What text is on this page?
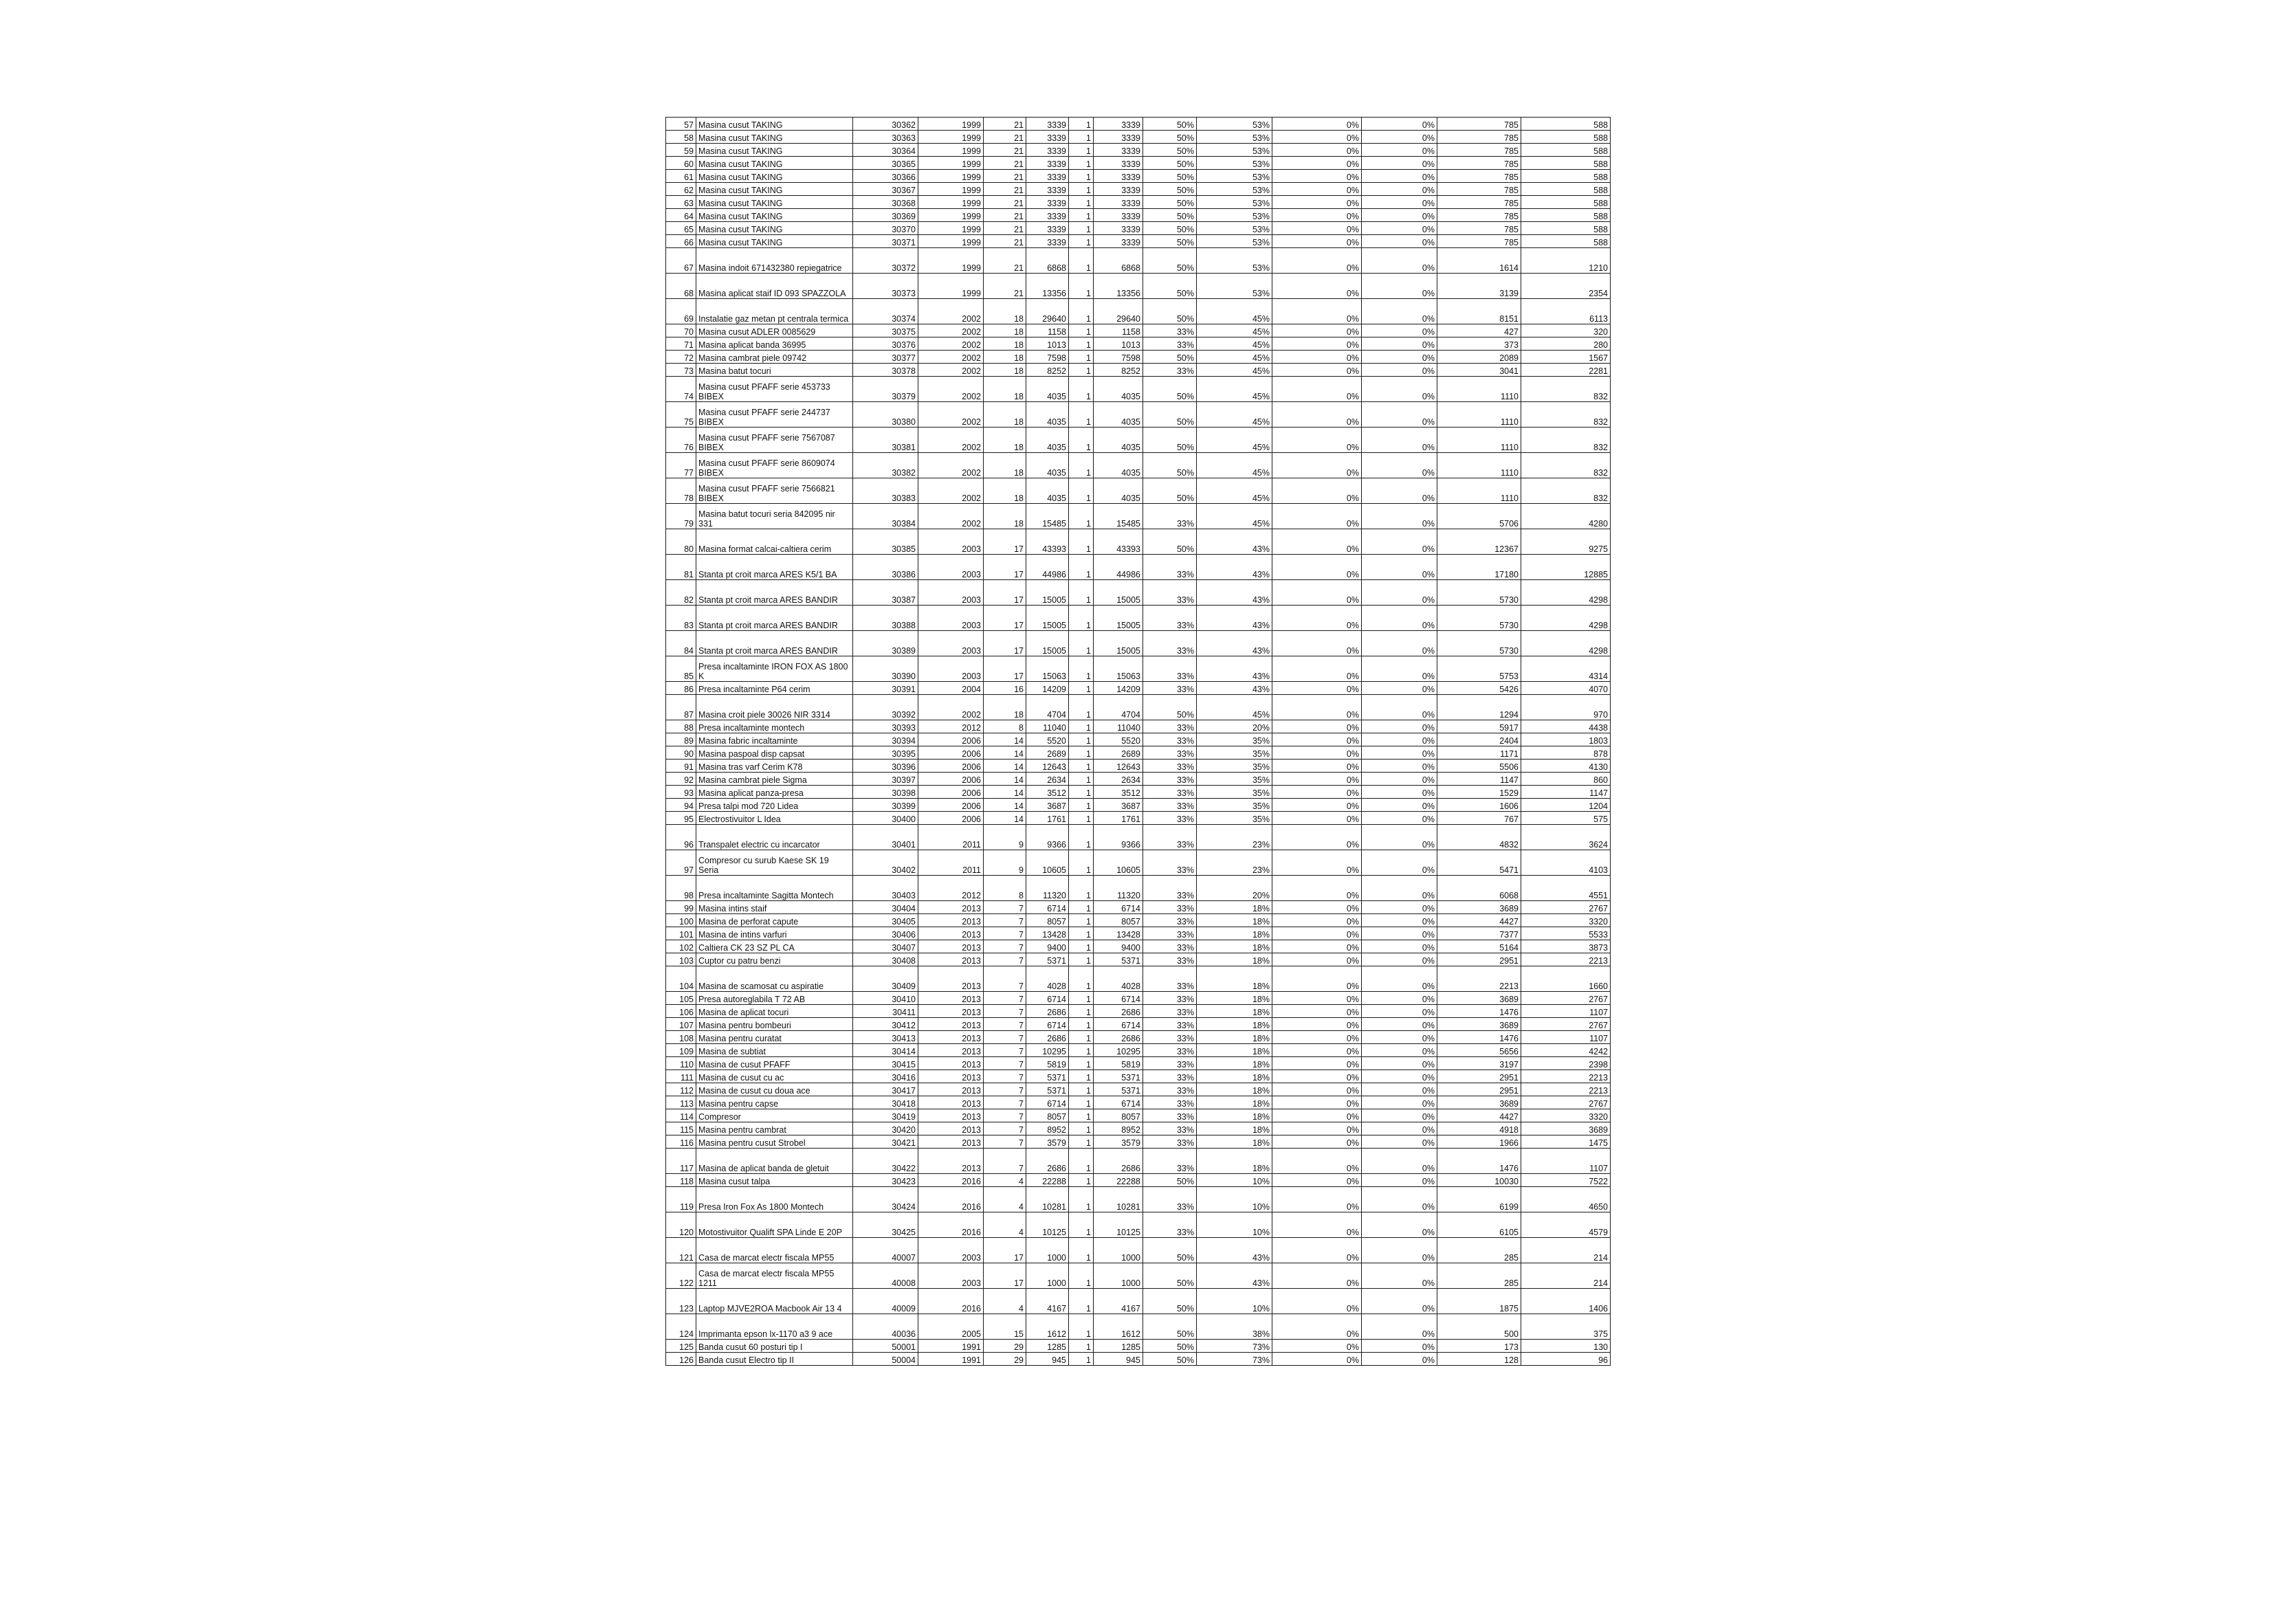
57	Masina cusut TAKING	30362	1999	21	3339	1	3339	50%	53%	0%	0%	785	588
58	Masina cusut TAKING	30363	1999	21	3339	1	3339	50%	53%	0%	0%	785	588
59	Masina cusut TAKING	30364	1999	21	3339	1	3339	50%	53%	0%	0%	785	588
60	Masina cusut TAKING	30365	1999	21	3339	1	3339	50%	53%	0%	0%	785	588
61	Masina cusut TAKING	30366	1999	21	3339	1	3339	50%	53%	0%	0%	785	588
62	Masina cusut TAKING	30367	1999	21	3339	1	3339	50%	53%	0%	0%	785	588
63	Masina cusut TAKING	30368	1999	21	3339	1	3339	50%	53%	0%	0%	785	588
64	Masina cusut TAKING	30369	1999	21	3339	1	3339	50%	53%	0%	0%	785	588
65	Masina cusut TAKING	30370	1999	21	3339	1	3339	50%	53%	0%	0%	785	588
66	Masina cusut TAKING	30371	1999	21	3339	1	3339	50%	53%	0%	0%	785	588
67	Masina indoit 671432380 repiegatrice	30372	1999	21	6868	1	6868	50%	53%	0%	0%	1614	1210
68	Masina aplicat staif ID 093 SPAZZOLA	30373	1999	21	13356	1	13356	50%	53%	0%	0%	3139	2354
69	Instalatie gaz metan pt centrala termica	30374	2002	18	29640	1	29640	50%	45%	0%	0%	8151	6113
70	Masina cusut ADLER 0085629	30375	2002	18	1158	1	1158	33%	45%	0%	0%	427	320
71	Masina aplicat banda 36995	30376	2002	18	1013	1	1013	33%	45%	0%	0%	373	280
72	Masina cambrat piele 09742	30377	2002	18	7598	1	7598	50%	45%	0%	0%	2089	1567
73	Masina batut tocuri	30378	2002	18	8252	1	8252	33%	45%	0%	0%	3041	2281
74	Masina cusut PFAFF serie 453733 BIBEX	30379	2002	18	4035	1	4035	50%	45%	0%	0%	1110	832
75	Masina cusut PFAFF serie 244737 BIBEX	30380	2002	18	4035	1	4035	50%	45%	0%	0%	1110	832
76	Masina cusut PFAFF serie 7567087 BIBEX	30381	2002	18	4035	1	4035	50%	45%	0%	0%	1110	832
77	Masina cusut PFAFF serie 8609074 BIBEX	30382	2002	18	4035	1	4035	50%	45%	0%	0%	1110	832
78	Masina cusut PFAFF serie 7566821 BIBEX	30383	2002	18	4035	1	4035	50%	45%	0%	0%	1110	832
79	Masina batut tocuri seria 842095 nir 331	30384	2002	18	15485	1	15485	33%	45%	0%	0%	5706	4280
80	Masina format calcai-caltiera cerim	30385	2003	17	43393	1	43393	50%	43%	0%	0%	12367	9275
81	Stanta pt croit marca ARES K5/1 BA	30386	2003	17	44986	1	44986	33%	43%	0%	0%	17180	12885
82	Stanta pt croit marca ARES BANDIR	30387	2003	17	15005	1	15005	33%	43%	0%	0%	5730	4298
83	Stanta pt croit marca ARES BANDIR	30388	2003	17	15005	1	15005	33%	43%	0%	0%	5730	4298
84	Stanta pt croit marca ARES BANDIR	30389	2003	17	15005	1	15005	33%	43%	0%	0%	5730	4298
85	Presa incaltaminte IRON FOX AS 1800 K	30390	2003	17	15063	1	15063	33%	43%	0%	0%	5753	4314
86	Presa incaltaminte P64 cerim	30391	2004	16	14209	1	14209	33%	43%	0%	0%	5426	4070
87	Masina croit piele 30026 NIR 3314	30392	2002	18	4704	1	4704	50%	45%	0%	0%	1294	970
88	Presa incaltaminte montech	30393	2012	8	11040	1	11040	33%	20%	0%	0%	5917	4438
89	Masina fabric incaltaminte	30394	2006	14	5520	1	5520	33%	35%	0%	0%	2404	1803
90	Masina paspoal disp capsat	30395	2006	14	2689	1	2689	33%	35%	0%	0%	1171	878
91	Masina tras varf Cerim K78	30396	2006	14	12643	1	12643	33%	35%	0%	0%	5506	4130
92	Masina cambrat piele Sigma	30397	2006	14	2634	1	2634	33%	35%	0%	0%	1147	860
93	Masina aplicat panza-presa	30398	2006	14	3512	1	3512	33%	35%	0%	0%	1529	1147
94	Presa talpi mod 720 Lidea	30399	2006	14	3687	1	3687	33%	35%	0%	0%	1606	1204
95	Electrostivuitor L Idea	30400	2006	14	1761	1	1761	33%	35%	0%	0%	767	575
96	Transpalet electric cu incarcator	30401	2011	9	9366	1	9366	33%	23%	0%	0%	4832	3624
97	Compresor cu surub Kaese SK 19 Seria	30402	2011	9	10605	1	10605	33%	23%	0%	0%	5471	4103
98	Presa incaltaminte Sagitta Montech	30403	2012	8	11320	1	11320	33%	20%	0%	0%	6068	4551
99	Masina intins staif	30404	2013	7	6714	1	6714	33%	18%	0%	0%	3689	2767
100	Masina de perforat capute	30405	2013	7	8057	1	8057	33%	18%	0%	0%	4427	3320
101	Masina de intins varfuri	30406	2013	7	13428	1	13428	33%	18%	0%	0%	7377	5533
102	Caltiera CK 23 SZ PL CA	30407	2013	7	9400	1	9400	33%	18%	0%	0%	5164	3873
103	Cuptor cu patru benzi	30408	2013	7	5371	1	5371	33%	18%	0%	0%	2951	2213
104	Masina de scamosat cu aspiratie	30409	2013	7	4028	1	4028	33%	18%	0%	0%	2213	1660
105	Presa autoreglabila T 72 AB	30410	2013	7	6714	1	6714	33%	18%	0%	0%	3689	2767
106	Masina de aplicat tocuri	30411	2013	7	2686	1	2686	33%	18%	0%	0%	1476	1107
107	Masina pentru bombeuri	30412	2013	7	6714	1	6714	33%	18%	0%	0%	3689	2767
108	Masina pentru curatat	30413	2013	7	2686	1	2686	33%	18%	0%	0%	1476	1107
109	Masina de subtiat	30414	2013	7	10295	1	10295	33%	18%	0%	0%	5656	4242
110	Masina de cusut PFAFF	30415	2013	7	5819	1	5819	33%	18%	0%	0%	3197	2398
111	Masina de cusut cu ac	30416	2013	7	5371	1	5371	33%	18%	0%	0%	2951	2213
112	Masina de cusut cu doua ace	30417	2013	7	5371	1	5371	33%	18%	0%	0%	2951	2213
113	Masina pentru capse	30418	2013	7	6714	1	6714	33%	18%	0%	0%	3689	2767
114	Compresor	30419	2013	7	8057	1	8057	33%	18%	0%	0%	4427	3320
115	Masina pentru cambrat	30420	2013	7	8952	1	8952	33%	18%	0%	0%	4918	3689
116	Masina pentru cusut Strobel	30421	2013	7	3579	1	3579	33%	18%	0%	0%	1966	1475
117	Masina de aplicat banda de gletuit	30422	2013	7	2686	1	2686	33%	18%	0%	0%	1476	1107
118	Masina cusut talpa	30423	2016	4	22288	1	22288	50%	10%	0%	0%	10030	7522
119	Presa Iron Fox As 1800 Montech	30424	2016	4	10281	1	10281	33%	10%	0%	0%	6199	4650
120	Motostivuitor Qualift SPA Linde E 20P	30425	2016	4	10125	1	10125	33%	10%	0%	0%	6105	4579
121	Casa de marcat electr fiscala MP55	40007	2003	17	1000	1	1000	50%	43%	0%	0%	285	214
122	Casa de marcat electr fiscala MP55 1211	40008	2003	17	1000	1	1000	50%	43%	0%	0%	285	214
123	Laptop MJVE2ROA Macbook Air 13 4	40009	2016	4	4167	1	4167	50%	10%	0%	0%	1875	1406
124	Imprimanta epson lx-1170 a3 9 ace	40036	2005	15	1612	1	1612	50%	38%	0%	0%	500	375
125	Banda cusut 60 posturi tip I	50001	1991	29	1285	1	1285	50%	73%	0%	0%	173	130
126	Banda cusut Electro tip II	50004	1991	29	945	1	945	50%	73%	0%	0%	128	96
